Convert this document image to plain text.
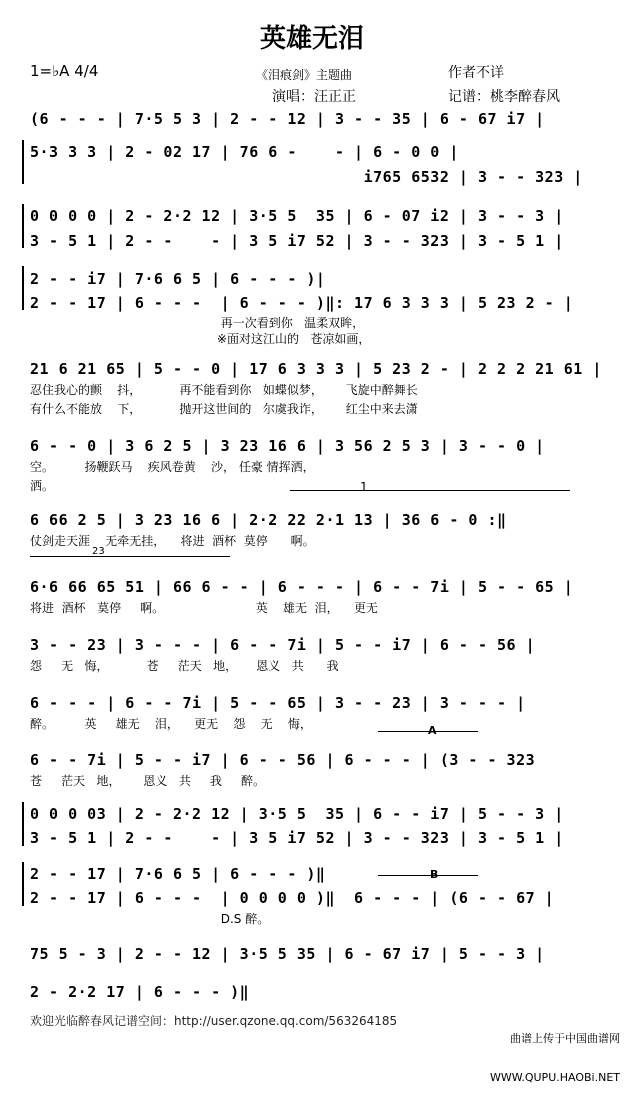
英雄无泪
1=♭A 4/4	《泪痕剑》主题曲	作者不详
演唱：汪正正	记谱：桃李醉春风
1
23
A
B
(6 - - - | 7·5 5 3 | 2 - - 12 | 3 - - 35 | 6 - 67 i7 |
5·3 3 3 | 2 - 02 17 | 76 6 -    - | 6 - 0 0 |
i765 6532 | 3 - - 323 |
0 0 0 0 | 2 - 2·2 12 | 3·5 5  35 | 6 - 07 i2 | 3 - - 3 |
3 - 5 1 | 2 - -    - | 3 5 i7 52 | 3 - - 323 | 3 - 5 1 |
2 - - i7 | 7·6 6 5 | 6 - - - )|
2 - - 17 | 6 - - -  | 6 - - - )‖: 17 6 3 3 3 | 5 23 2 - |
再一次看到你   温柔双眸，
※面对这江山的   苍凉如画，
21 6 21 65 | 5 - - 0 | 17 6 3 3 3 | 5 23 2 - | 2 2 2 21 61 |
忍住我心的颤    抖，          再不能看到你   如蝶似梦，      飞旋中醉舞长
有什么不能放    下，          抛开这世间的   尔虞我诈，      红尘中来去潇
6 - - 0 | 3 6 2 5 | 3 23 16 6 | 3 56 2 5 3 | 3 - - 0 |
空。        扬鞭跃马    疾风卷黄    沙， 任豪 情挥洒，
洒。
6 66 2 5 | 3 23 16 6 | 2·2 22 2·1 13 | 36 6 - 0 :‖
仗剑走天涯    无牵无挂，    将进  酒杯  莫停      啊。
6·6 66 65 51 | 66 6 - - | 6 - - - | 6 - - 7i | 5 - - 65 |
将进  酒杯   莫停     啊。                        英    雄无  泪，    更无
3 - - 23 | 3 - - - | 6 - - 7i | 5 - - i7 | 6 - - 56 |
怨     无   悔，          苍     茫天   地，     恩义   共      我
6 - - - | 6 - - 7i | 5 - - 65 | 3 - - 23 | 3 - - - |
醉。        英     雄无    泪，    更无    怨    无    悔，
6 - - 7i | 5 - - i7 | 6 - - 56 | 6 - - - | (3 - - 323
苍     茫天   地，      恩义   共     我     醉。
0 0 0 03 | 2 - 2·2 12 | 3·5 5  35 | 6 - - i7 | 5 - - 3 |
3 - 5 1 | 2 - -    - | 3 5 i7 52 | 3 - - 323 | 3 - 5 1 |
2 - - 17 | 7·6 6 5 | 6 - - - )‖
2 - - 17 | 6 - - -  | 0 0 0 0 )‖  6 - - - | (6 - - 67 |
D.S 醉。
75 5 - 3 | 2 - - 12 | 3·5 5 35 | 6 - 67 i7 | 5 - - 3 |
2 - 2·2 17 | 6 - - - )‖
欢迎光临醉春风记谱空间：http://user.qzone.qq.com/563264185

曲谱上传于中国曲谱网

WWW.QUPU.HAOBi.NET
